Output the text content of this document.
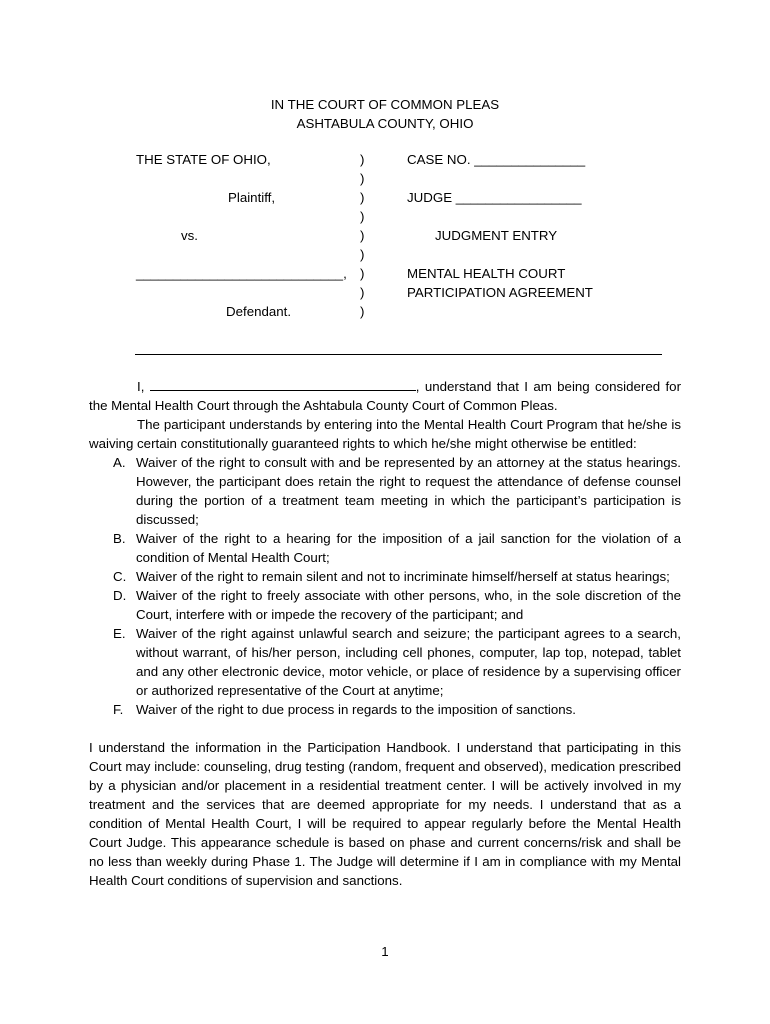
IN THE COURT OF COMMON PLEAS
ASHTABULA COUNTY, OHIO
THE STATE OF OHIO,
Plaintiff,
vs.
____________________________,
Defendant.
)
)
)
)
)
)
)
)
)
CASE NO. _______________
JUDGE _________________
JUDGMENT ENTRY
MENTAL HEALTH COURT
PARTICIPATION AGREEMENT

I,	, understand that I am being considered for the Mental Health Court through the Ashtabula County Court of Common Pleas.

The participant understands by entering into the Mental Health Court Program that he/she is waiving certain constitutionally guaranteed rights to which he/she might otherwise be entitled:

A. Waiver of the right to consult with and be represented by an attorney at the status hearings. However, the participant does retain the right to request the attendance of defense counsel during the portion of a treatment team meeting in which the participant’s participation is discussed;
B. Waiver of the right to a hearing for the imposition of a jail sanction for the violation of a condition of Mental Health Court;
C. Waiver of the right to remain silent and not to incriminate himself/herself at status hearings;
D. Waiver of the right to freely associate with other persons, who, in the sole discretion of the Court, interfere with or impede the recovery of the participant; and
E. Waiver of the right against unlawful search and seizure; the participant agrees to a search, without warrant, of his/her person, including cell phones, computer, lap top, notepad, tablet and any other electronic device, motor vehicle, or place of residence by a supervising officer or authorized representative of the Court at anytime;
F. Waiver of the right to due process in regards to the imposition of sanctions.

I understand the information in the Participation Handbook. I understand that participating in this Court may include: counseling, drug testing (random, frequent and observed), medication prescribed by a physician and/or placement in a residential treatment center. I will be actively involved in my treatment and the services that are deemed appropriate for my needs. I understand that as a condition of Mental Health Court, I will be required to appear regularly before the Mental Health Court Judge. This appearance schedule is based on phase and current concerns/risk and shall be no less than weekly during Phase 1. The Judge will determine if I am in compliance with my Mental Health Court conditions of supervision and sanctions.

1
